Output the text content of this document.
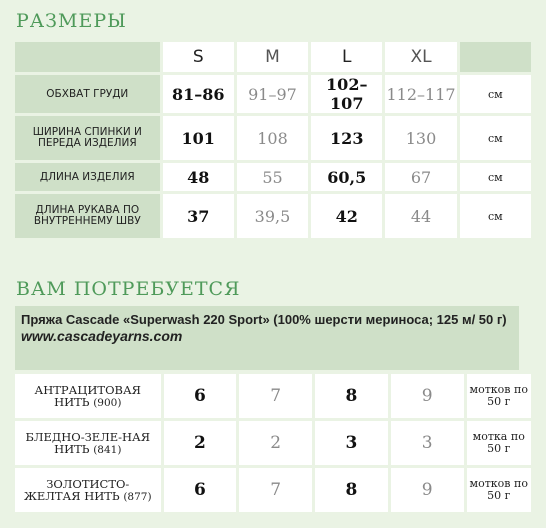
РАЗМЕРЫ
	S	M	L	XL	
ОБХВАТ ГРУДИ	81–86	91–97	102–107	112–117	см
ШИРИНА СПИНКИ И ПЕРЕДА ИЗДЕЛИЯ	101	108	123	130	см
ДЛИНА ИЗДЕЛИЯ	48	55	60,5	67	см
ДЛИНА РУКАВА ПО ВНУТРЕННЕМУ ШВУ	37	39,5	42	44	см
ВАМ ПОТРЕБУЕТСЯ
Пряжа Cascade «Superwash 220 Sport» (100% шерсти мериноса; 125 м/ 50 г)
www.cascadeyarns.com
АНТРАЦИТОВАЯ НИТЬ (900)	6	7	8	9	мотков по 50 г
БЛЕДНО-ЗЕЛЕ-НАЯ НИТЬ (841)	2	2	3	3	мотка по 50 г
ЗОЛОТИСТО-ЖЕЛТАЯ НИТЬ (877)	6	7	8	9	мотков по 50 г
